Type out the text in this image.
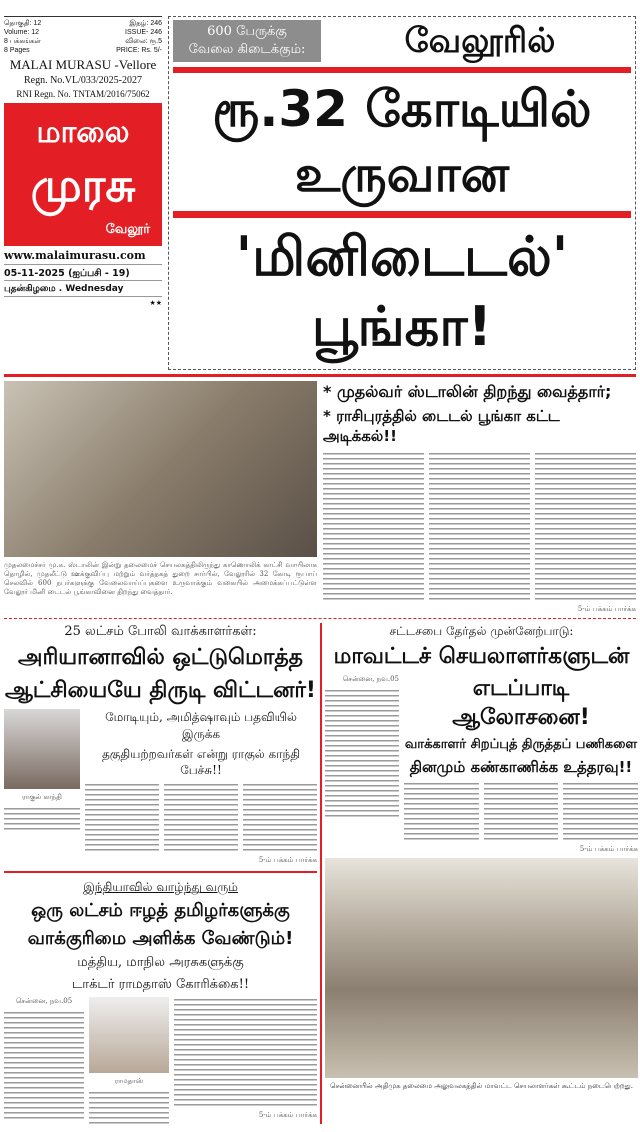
தொகுதி: 12
Volume: 12
8 பக்கங்கள்
8 Pages
இதழ்: 246
ISSUE- 246
விலை: ரூ.5
PRICE: Rs. 5/-
MALAI MURASU -Vellore
Regn. No.VL/033/2025-2027
RNI Regn. No. TNTAM/2016/75062
மாலை
முரசு
வேலூர்
www.malaimurasu.com
05-11-2025 (ஐப்பசி - 19)
புதன்கிழமை . Wednesday
★★
600 பேருக்கு
வேலை கிடைக்கும்:	வேலூரில்
ரூ.32 கோடியில் உருவான
'மினிடைடல்' பூங்கா!
முதலமைச்சர் மு.க. ஸ்டாலின் இன்று தலைமைச் செயலகத்திலிருந்து காணொலிக் காட்சி வாயிலாக தொழில், முதலீட்டு ஊக்குவிப்பு மற்றும் வர்த்தகத் துறை சார்பில், வேலூரில் 32 கோடி ரூபாய் செலவில் 600 நபர்களுக்கு வேலைவாய்ப்புகளை உருவாக்கும் வகையில் அமைக்கப்பட்டுள்ள வேலூர் மினி டைடல் பூங்காவினை திறந்து வைத்தார்.
* முதல்வர் ஸ்டாலின் திறந்து வைத்தார்;
* ராசிபுரத்தில் டைடல் பூங்கா கட்ட அடிக்கல்!!
5-ம் பக்கம் பார்க்க
25 லட்சம் போலி வாக்காளர்கள்:
அரியானாவில் ஒட்டுமொத்த
ஆட்சியையே திருடி விட்டனர்!
ராகுல் காந்தி
மோடியும், அமித்ஷாவும் பதவியில் இருக்க
தகுதியற்றவர்கள் என்று ராகுல் காந்தி பேச்சு!!
5-ம் பக்கம் பார்க்க
இந்தியாவில் வாழ்ந்து வரும்
ஒரு லட்சம் ஈழத் தமிழர்களுக்கு
வாக்குரிமை அளிக்க வேண்டும்!
மத்திய, மாநில அரசுகளுக்கு
டாக்டர் ராமதாஸ் கோரிக்கை!!
சென்னை, நவ.05
ராமதாஸ்
5-ம் பக்கம் பார்க்க
சட்டசபை தேர்தல் முன்னேற்பாடு:
மாவட்டச் செயலாளர்களுடன்
சென்னை, நவ.05	எடப்பாடி ஆலோசனை!
வாக்காளர் சிறப்புத் திருத்தப் பணிகளை
தினமும் கண்காணிக்க உத்தரவு!!
5-ம் பக்கம் பார்க்க
சென்னையில் அதிமுக தலைமை அலுவலகத்தில் மாவட்ட செயலாளர்கள் கூட்டம் நடைபெற்றது.
